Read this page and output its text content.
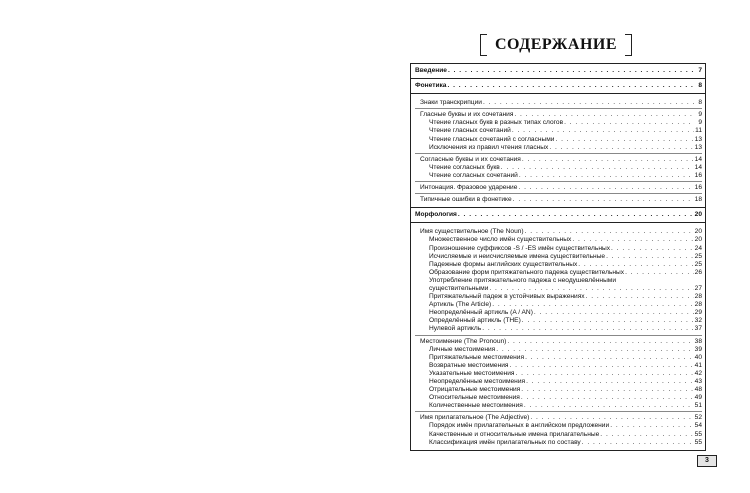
СОДЕРЖАНИЕ
Введение . . .	7
Фонетика . . .	8
Знаки транскрипции . . .	8
Гласные буквы и их сочетания . . .	9
Чтение гласных букв в разных типах слогов . . .	9
Чтение гласных сочетаний . . .	11
Чтение гласных сочетаний с согласными . . .	13
Исключения из правил чтения гласных . . .	13
Согласные буквы и их сочетания . . .	14
Чтение согласных букв . . .	14
Чтение согласных сочетаний . . .	16
Интонация. Фразовое ударение . . .	16
Типичные ошибки в фонетике . . .	18
Морфология . . .	20
Имя существительное (The Noun) . . .	20
Множественное число имён существительных . . .	20
Произношение суффиксов -S / -ES имён существительных . . .	24
Исчисляемые и неисчисляемые имена существительные . . .	25
Падежные формы английских существительных . . .	25
Образование форм притяжательного падежа существительных . . .	26
Употребление притяжательного падежа с неодушевлёнными
существительными . . .	27
Притяжательный падеж в устойчивых выражениях . . .	28
Артикль (The Article) . . .	28
Неопределённый артикль (A / AN) . . .	29
Определённый артикль (THE) . . .	32
Нулевой артикль . . .	37
Местоимение (The Pronoun) . . .	38
Личные местоимения . . .	39
Притяжательные местоимения . . .	40
Возвратные местоимения . . .	41
Указательные местоимения . . .	42
Неопределённые местоимения . . .	43
Отрицательные местоимения . . .	48
Относительные местоимения . . .	49
Количественные местоимения . . .	51
Имя прилагательное (The Adjective) . . .	52
Порядок имён прилагательных в английском предложении . . .	54
Качественные и относительные имена прилагательные . . .	55
Классификация имён прилагательных по составу . . .	55
3
